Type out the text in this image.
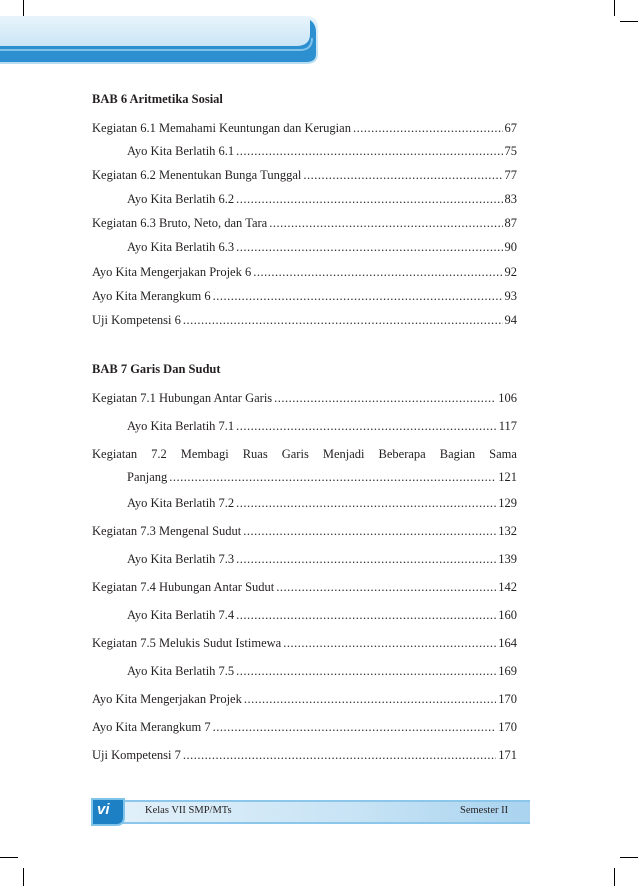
BAB 6 Aritmetika Sosial
Kegiatan 6.1 Memahami Keuntungan dan Kerugian .....	67
Ayo Kita Berlatih 6.1 .....	75
Kegiatan 6.2 Menentukan Bunga Tunggal .....	77
Ayo Kita Berlatih 6.2 .....	83
Kegiatan 6.3 Bruto, Neto, dan Tara .....	87
Ayo Kita Berlatih 6.3 .....	90
Ayo Kita Mengerjakan Projek 6 .....	92
Ayo Kita Merangkum 6 .....	93
Uji Kompetensi 6 .....	94
BAB 7 Garis Dan Sudut
Kegiatan 7.1 Hubungan Antar Garis .....	106
Ayo Kita Berlatih 7.1 .....	117
Kegiatan 7.2 Membagi Ruas Garis Menjadi Beberapa Bagian Sama
Panjang .....	121
Ayo Kita Berlatih 7.2 .....	129
Kegiatan 7.3 Mengenal Sudut .....	132
Ayo Kita Berlatih 7.3 .....	139
Kegiatan 7.4 Hubungan Antar Sudut .....	142
Ayo Kita Berlatih 7.4 .....	160
Kegiatan 7.5 Melukis Sudut Istimewa .....	164
Ayo Kita Berlatih 7.5 .....	169
Ayo Kita Mengerjakan Projek .....	170
Ayo Kita Merangkum 7 .....	170
Uji Kompetensi 7 .....	171
vi	Kelas VII SMP/MTs	Semester II
